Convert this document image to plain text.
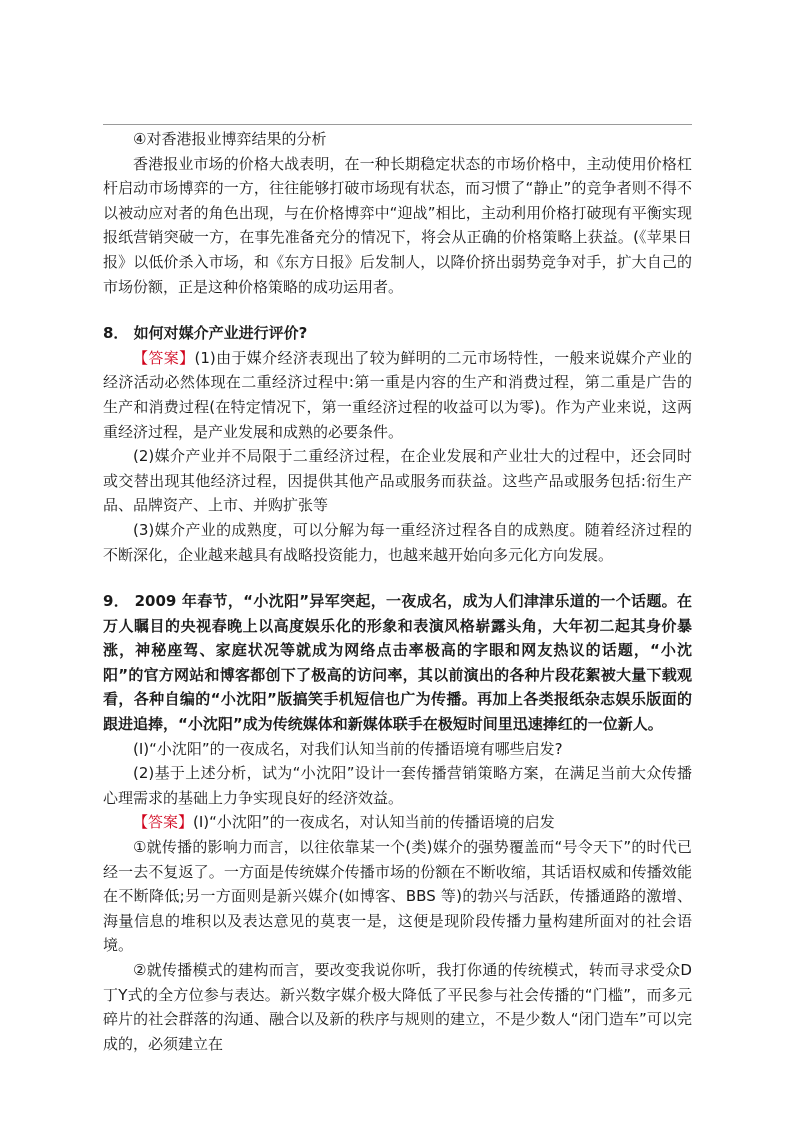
④对香港报业博弈结果的分析

香港报业市场的价格大战表明，在一种长期稳定状态的市场价格中，主动使用价格杠杆启动市场博弈的一方，往往能够打破市场现有状态，而习惯了“静止”的竞争者则不得不以被动应对者的角色出现，与在价格博弈中“迎战”相比，主动利用价格打破现有平衡实现报纸营销突破一方，在事先准备充分的情况下，将会从正确的价格策略上获益。(《苹果日报》以低价杀入市场，和《东方日报》后发制人，以降价挤出弱势竞争对手，扩大自己的市场份额，正是这种价格策略的成功运用者。

8． 如何对媒介产业进行评价?

【答案】(1)由于媒介经济表现出了较为鲜明的二元市场特性，一般来说媒介产业的经济活动必然体现在二重经济过程中:第一重是内容的生产和消费过程，第二重是广告的生产和消费过程(在特定情况下，第一重经济过程的收益可以为零)。作为产业来说，这两重经济过程，是产业发展和成熟的必要条件。

(2)媒介产业并不局限于二重经济过程，在企业发展和产业壮大的过程中，还会同时或交替出现其他经济过程，因提供其他产品或服务而获益。这些产品或服务包括:衍生产品、品牌资产、上市、并购扩张等

(3)媒介产业的成熟度，可以分解为每一重经济过程各自的成熟度。随着经济过程的不断深化，企业越来越具有战略投资能力，也越来越开始向多元化方向发展。

9． 2009 年春节，“小沈阳”异军突起，一夜成名，成为人们津津乐道的一个话题。在万人瞩目的央视春晚上以高度娱乐化的形象和表演风格崭露头角，大年初二起其身价暴涨，神秘座驾、家庭状况等就成为网络点击率极高的字眼和网友热议的话题，“小沈阳”的官方网站和博客都创下了极高的访问率，其以前演出的各种片段花絮被大量下载观看，各种自编的“小沈阳”版搞笑手机短信也广为传播。再加上各类报纸杂志娱乐版面的跟进追捧，“小沈阳”成为传统媒体和新媒体联手在极短时间里迅速捧红的一位新人。

(I)“小沈阳”的一夜成名，对我们认知当前的传播语境有哪些启发?

(2)基于上述分析，试为“小沈阳”设计一套传播营销策略方案，在满足当前大众传播心理需求的基础上力争实现良好的经济效益。

【答案】(I)“小沈阳”的一夜成名，对认知当前的传播语境的启发

①就传播的影响力而言，以往依靠某一个(类)媒介的强势覆盖而“号令天下”的时代已经一去不复返了。一方面是传统媒介传播市场的份额在不断收缩，其话语权威和传播效能在不断降低;另一方面则是新兴媒介(如博客、BBS 等)的勃兴与活跃，传播通路的激增、海量信息的堆积以及表达意见的莫衷一是，这便是现阶段传播力量构建所面对的社会语境。

②就传播模式的建构而言，要改变我说你听，我打你通的传统模式，转而寻求受众D丁Y式的全方位参与表达。新兴数字媒介极大降低了平民参与社会传播的“门槛”，而多元碎片的社会群落的沟通、融合以及新的秩序与规则的建立，不是少数人“闭门造车”可以完成的，必须建立在
